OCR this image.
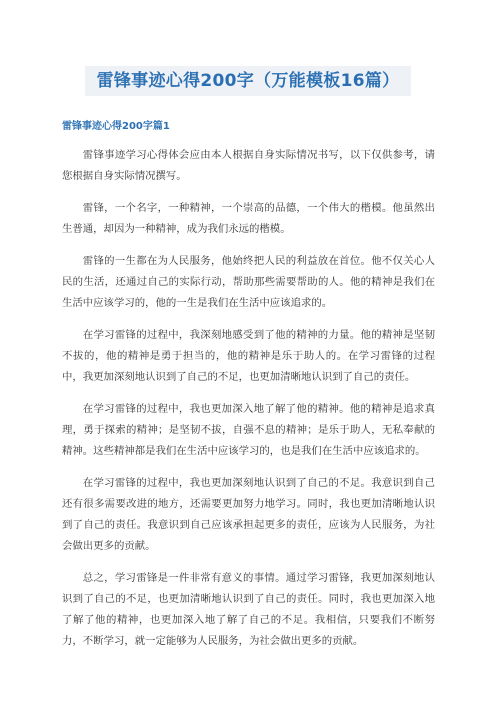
雷锋事迹心得200字（万能模板16篇）
雷锋事迹心得200字篇1

雷锋事迹学习心得体会应由本人根据自身实际情况书写，以下仅供参考，请您根据自身实际情况撰写。

雷锋，一个名字，一种精神，一个崇高的品德，一个伟大的楷模。他虽然出生普通，却因为一种精神，成为我们永远的楷模。

雷锋的一生都在为人民服务，他始终把人民的利益放在首位。他不仅关心人民的生活，还通过自己的实际行动，帮助那些需要帮助的人。他的精神是我们在生活中应该学习的，他的一生是我们在生活中应该追求的。

在学习雷锋的过程中，我深刻地感受到了他的精神的力量。他的精神是坚韧不拔的，他的精神是勇于担当的，他的精神是乐于助人的。在学习雷锋的过程中，我更加深刻地认识到了自己的不足，也更加清晰地认识到了自己的责任。

在学习雷锋的过程中，我也更加深入地了解了他的精神。他的精神是追求真理，勇于探索的精神；是坚韧不拔，自强不息的精神；是乐于助人，无私奉献的精神。这些精神都是我们在生活中应该学习的，也是我们在生活中应该追求的。

在学习雷锋的过程中，我也更加深刻地认识到了自己的不足。我意识到自己还有很多需要改进的地方，还需要更加努力地学习。同时，我也更加清晰地认识到了自己的责任。我意识到自己应该承担起更多的责任，应该为人民服务，为社会做出更多的贡献。

总之，学习雷锋是一件非常有意义的事情。通过学习雷锋，我更加深刻地认识到了自己的不足，也更加清晰地认识到了自己的责任。同时，我也更加深入地了解了他的精神，也更加深入地了解了自己的不足。我相信，只要我们不断努力，不断学习，就一定能够为人民服务，为社会做出更多的贡献。
